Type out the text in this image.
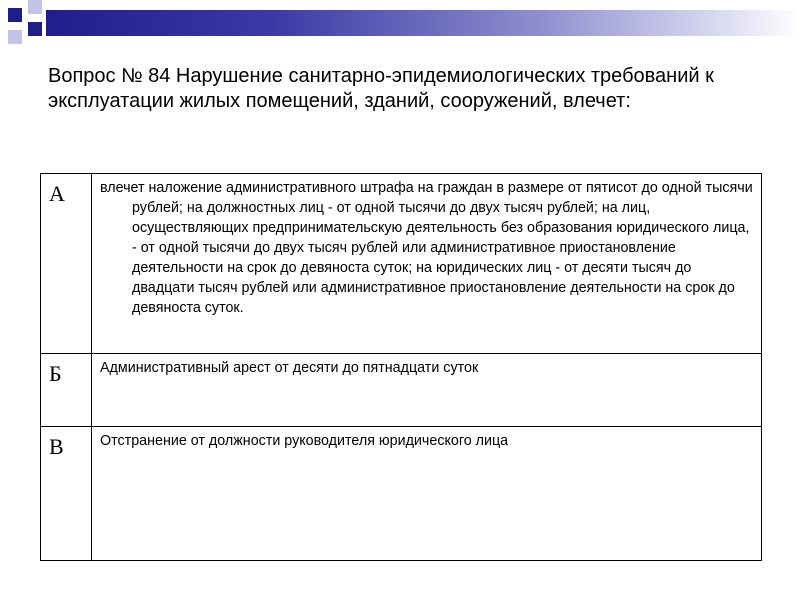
Вопрос № 84 Нарушение санитарно-эпидемиологических требований к эксплуатации жилых помещений, зданий, сооружений, влечет:
А	влечет наложение административного штрафа на граждан в размере от пятисот до одной тысячи рублей; на должностных лиц - от одной тысячи до двух тысяч рублей; на лиц, осуществляющих предпринимательскую деятельность без образования юридического лица, - от одной тысячи до двух тысяч рублей или административное приостановление деятельности на срок до девяноста суток; на юридических лиц - от десяти тысяч до двадцати тысяч рублей или административное приостановление деятельности на срок до девяноста суток.

Б	Административный арест от десяти до пятнадцати суток

В	Отстранение от должности руководителя юридического лица
